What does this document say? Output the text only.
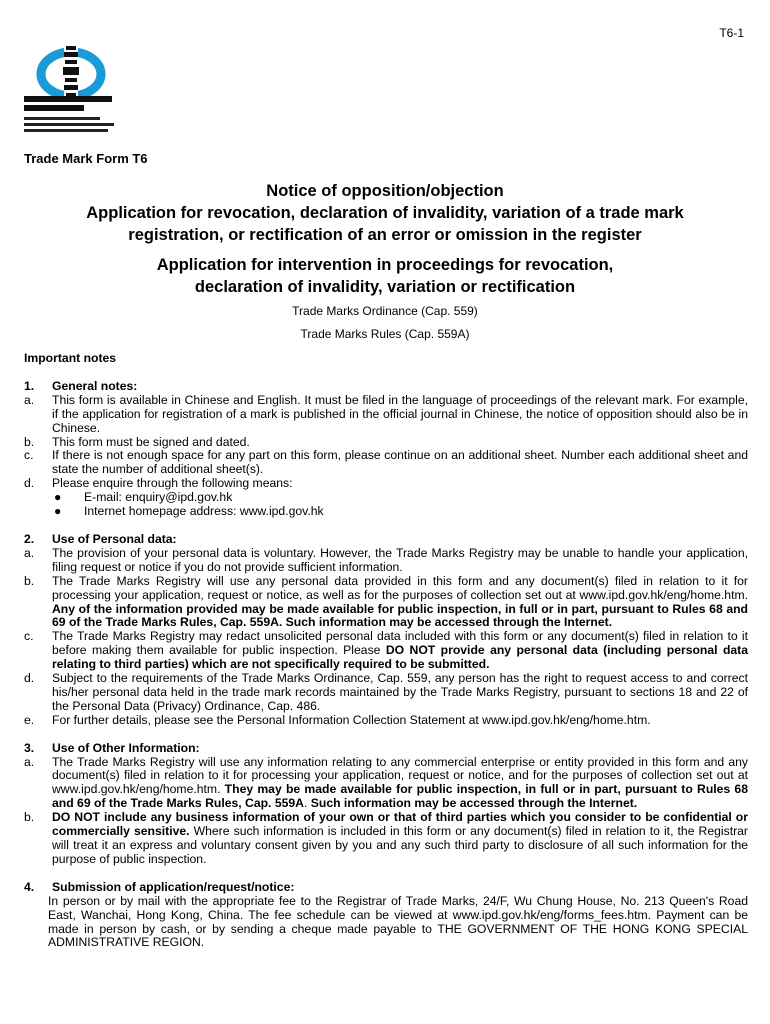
T6-1
Trade Mark Form T6
Notice of opposition/objection
Application for revocation, declaration of invalidity, variation of a trade mark
registration, or rectification of an error or omission in the register
Application for intervention in proceedings for revocation,
declaration of invalidity, variation or rectification
Trade Marks Ordinance (Cap. 559)
Trade Marks Rules (Cap. 559A)
Important notes
1.	General notes:
a.	This form is available in Chinese and English. It must be filed in the language of proceedings of the relevant mark. For example, if the application for registration of a mark is published in the official journal in Chinese, the notice of opposition should also be in Chinese.
b.	This form must be signed and dated.
c.	If there is not enough space for any part on this form, please continue on an additional sheet. Number each additional sheet and state the number of additional sheet(s).
d.	Please enquire through the following means:
●	E-mail: enquiry@ipd.gov.hk
●	Internet homepage address: www.ipd.gov.hk
2.	Use of Personal data:
a.	The provision of your personal data is voluntary. However, the Trade Marks Registry may be unable to handle your application, filing request or notice if you do not provide sufficient information.
b.	The Trade Marks Registry will use any personal data provided in this form and any document(s) filed in relation to it for processing your application, request or notice, as well as for the purposes of collection set out at www.ipd.gov.hk/eng/home.htm. Any of the information provided may be made available for public inspection, in full or in part, pursuant to Rules 68 and 69 of the Trade Marks Rules, Cap. 559A. Such information may be accessed through the Internet.
c.	The Trade Marks Registry may redact unsolicited personal data included with this form or any document(s) filed in relation to it before making them available for public inspection. Please DO NOT provide any personal data (including personal data relating to third parties) which are not specifically required to be submitted.
d.	Subject to the requirements of the Trade Marks Ordinance, Cap. 559, any person has the right to request access to and correct his/her personal data held in the trade mark records maintained by the Trade Marks Registry, pursuant to sections 18 and 22 of the Personal Data (Privacy) Ordinance, Cap. 486.
e.	For further details, please see the Personal Information Collection Statement at www.ipd.gov.hk/eng/home.htm.
3.	Use of Other Information:
a.	The Trade Marks Registry will use any information relating to any commercial enterprise or entity provided in this form and any document(s) filed in relation to it for processing your application, request or notice, and for the purposes of collection set out at www.ipd.gov.hk/eng/home.htm. They may be made available for public inspection, in full or in part, pursuant to Rules 68 and 69 of the Trade Marks Rules, Cap. 559A. Such information may be accessed through the Internet.
b.	DO NOT include any business information of your own or that of third parties which you consider to be confidential or commercially sensitive. Where such information is included in this form or any document(s) filed in relation to it, the Registrar will treat it an express and voluntary consent given by you and any such third party to disclosure of all such information for the purpose of public inspection.
4.	Submission of application/request/notice:
In person or by mail with the appropriate fee to the Registrar of Trade Marks, 24/F, Wu Chung House, No. 213 Queen's Road East, Wanchai, Hong Kong, China. The fee schedule can be viewed at www.ipd.gov.hk/eng/forms_fees.htm. Payment can be made in person by cash, or by sending a cheque made payable to THE GOVERNMENT OF THE HONG KONG SPECIAL ADMINISTRATIVE REGION.
